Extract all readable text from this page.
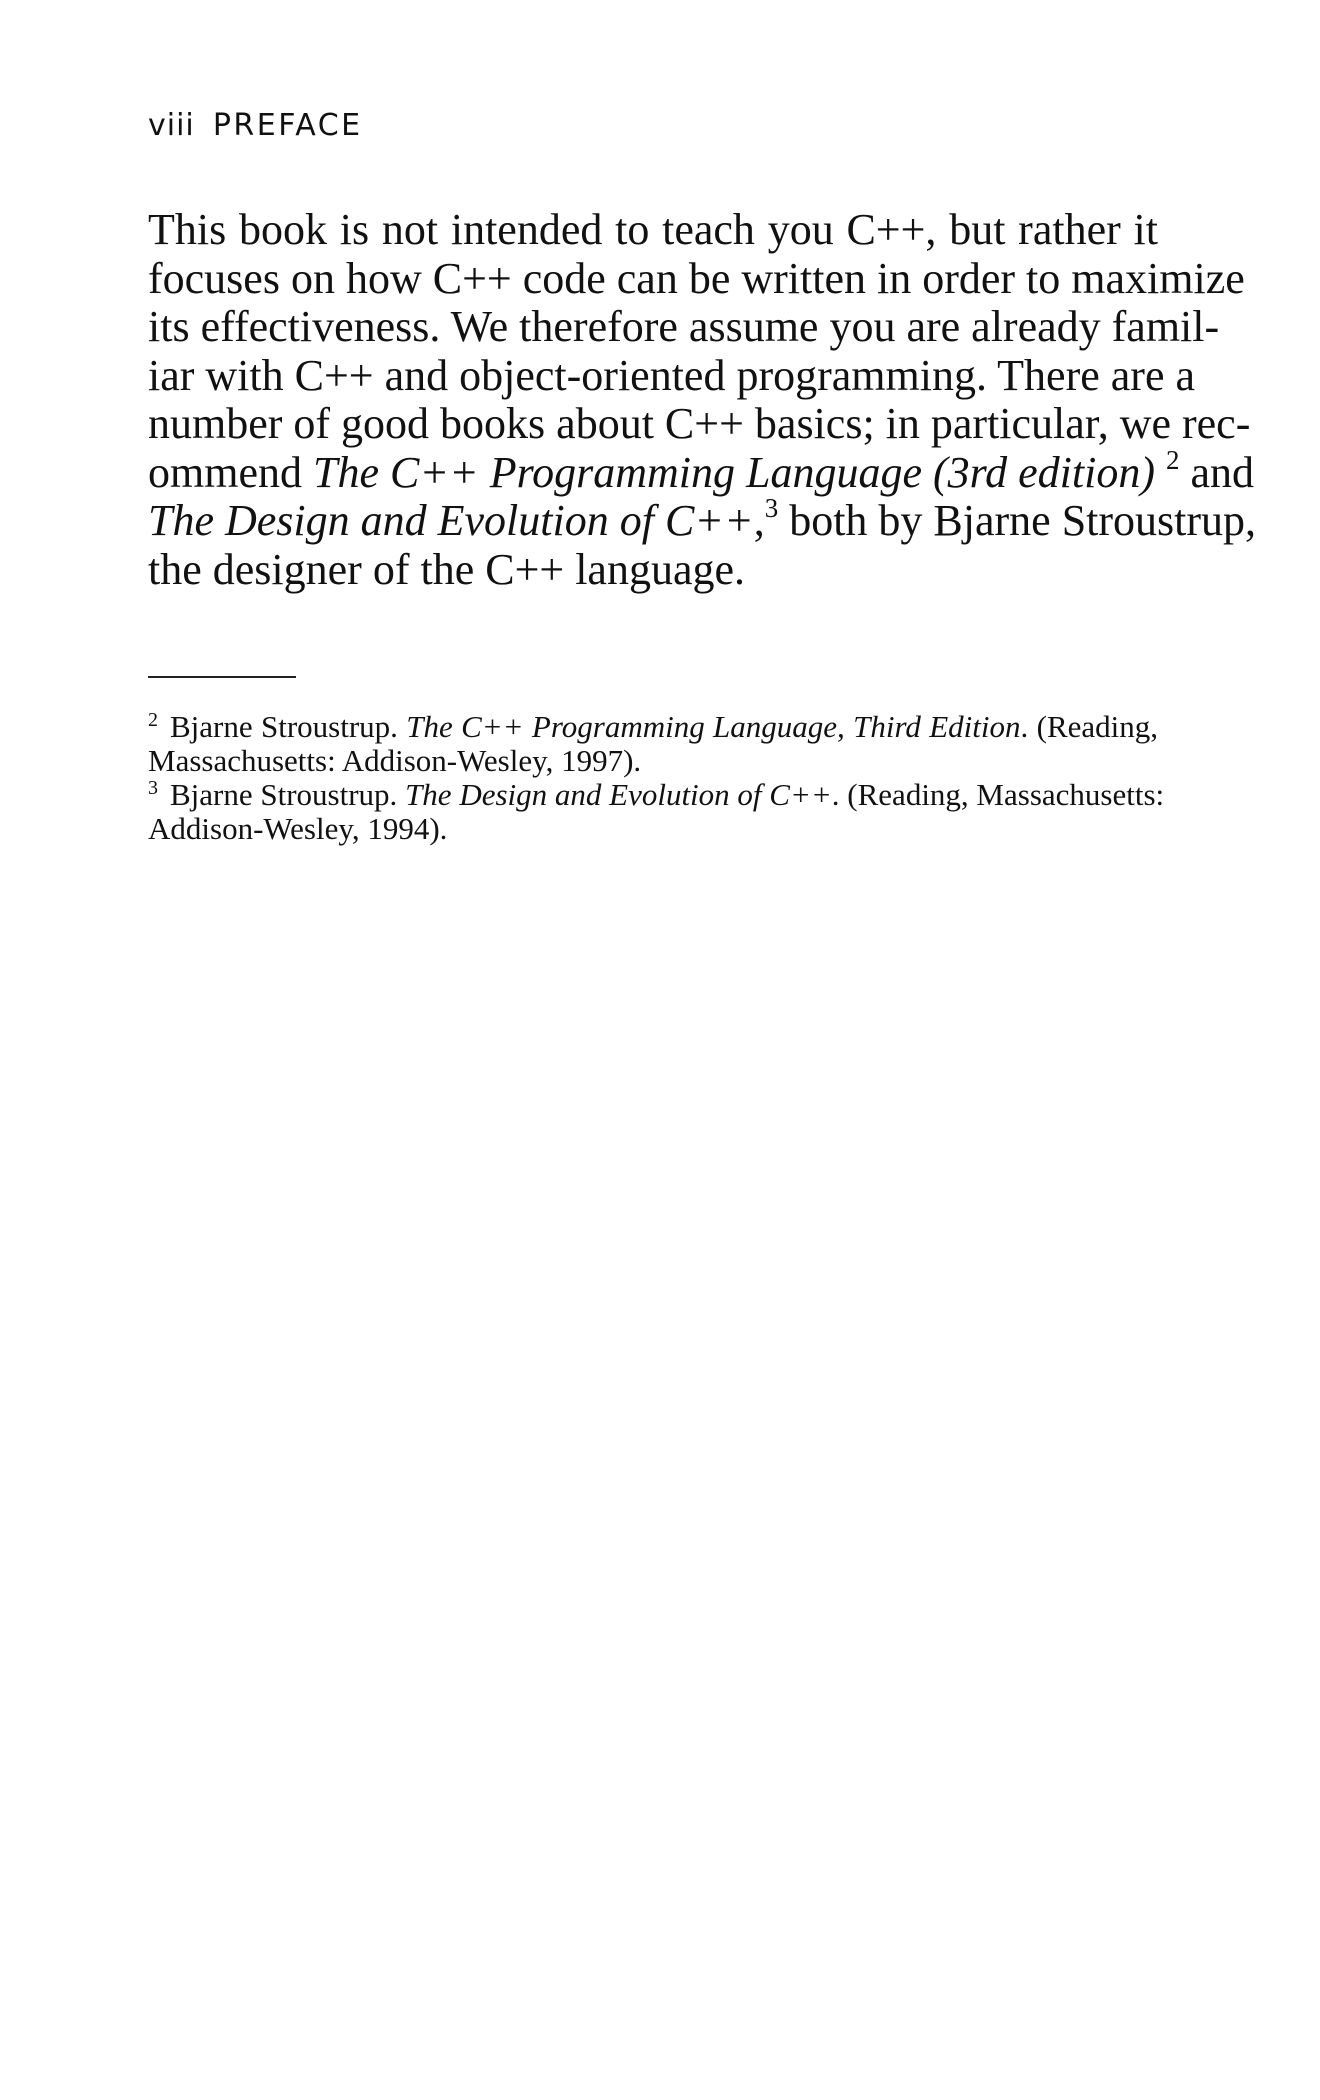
viii PREFACE

This book is not intended to teach you C++, but rather it
focuses on how C++ code can be written in order to maximize
its effectiveness. We therefore assume you are already famil-
iar with C++ and object-oriented programming. There are a
number of good books about C++ basics; in particular, we rec-
ommend The C++ Programming Language (3rd edition) $^2$ and
The Design and Evolution of C++,$^3$ both by Bjarne Stroustrup,
the designer of the C++ language.

$^2$ Bjarne Stroustrup. The C++ Programming Language, Third Edition. (Reading,
Massachusetts: Addison-Wesley, 1997).

$^3$ Bjarne Stroustrup. The Design and Evolution of C++. (Reading, Massachusetts:
Addison-Wesley, 1994).
